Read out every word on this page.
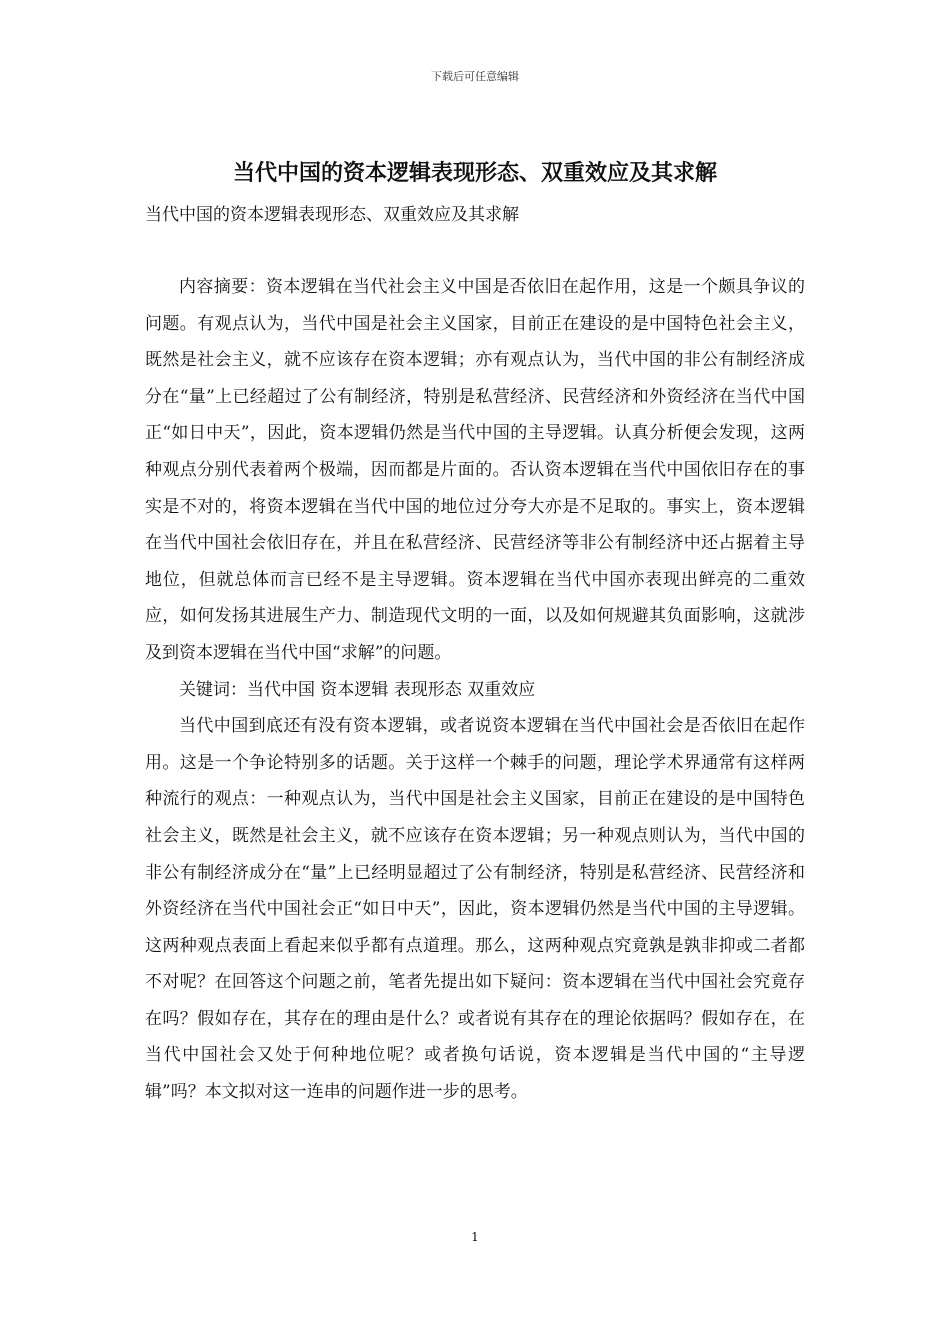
下载后可任意编辑
当代中国的资本逻辑表现形态、双重效应及其求解
当代中国的资本逻辑表现形态、双重效应及其求解

内容摘要：资本逻辑在当代社会主义中国是否依旧在起作用，这是一个颇具争议的问题。有观点认为，当代中国是社会主义国家，目前正在建设的是中国特色社会主义，既然是社会主义，就不应该存在资本逻辑；亦有观点认为，当代中国的非公有制经济成分在“量”上已经超过了公有制经济，特别是私营经济、民营经济和外资经济在当代中国正“如日中天”，因此，资本逻辑仍然是当代中国的主导逻辑。认真分析便会发现，这两种观点分别代表着两个极端，因而都是片面的。否认资本逻辑在当代中国依旧存在的事实是不对的，将资本逻辑在当代中国的地位过分夸大亦是不足取的。事实上，资本逻辑在当代中国社会依旧存在，并且在私营经济、民营经济等非公有制经济中还占据着主导地位，但就总体而言已经不是主导逻辑。资本逻辑在当代中国亦表现出鲜亮的二重效应，如何发扬其进展生产力、制造现代文明的一面，以及如何规避其负面影响，这就涉及到资本逻辑在当代中国“求解”的问题。

关键词：当代中国 资本逻辑 表现形态 双重效应

当代中国到底还有没有资本逻辑，或者说资本逻辑在当代中国社会是否依旧在起作用。这是一个争论特别多的话题。关于这样一个棘手的问题，理论学术界通常有这样两种流行的观点：一种观点认为，当代中国是社会主义国家，目前正在建设的是中国特色社会主义，既然是社会主义，就不应该存在资本逻辑；另一种观点则认为，当代中国的非公有制经济成分在“量”上已经明显超过了公有制经济，特别是私营经济、民营经济和外资经济在当代中国社会正“如日中天”，因此，资本逻辑仍然是当代中国的主导逻辑。这两种观点表面上看起来似乎都有点道理。那么，这两种观点究竟孰是孰非抑或二者都不对呢？在回答这个问题之前，笔者先提出如下疑问：资本逻辑在当代中国社会究竟存在吗？假如存在，其存在的理由是什么？或者说有其存在的理论依据吗？假如存在，在当代中国社会又处于何种地位呢？或者换句话说，资本逻辑是当代中国的“主导逻辑”吗？本文拟对这一连串的问题作进一步的思考。

1
